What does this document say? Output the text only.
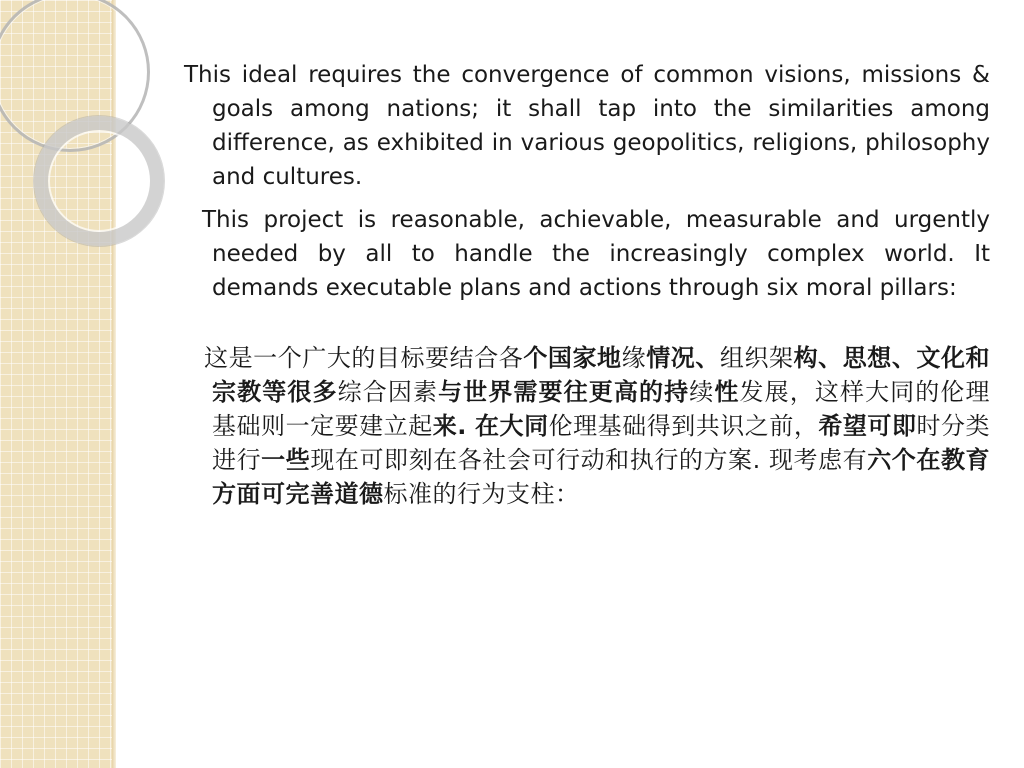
This ideal requires the convergence of common visions, missions & goals among nations; it shall tap into the similarities among difference, as exhibited in various geopolitics, religions, philosophy and cultures.

This project is reasonable, achievable, measurable and urgently needed by all to handle the increasingly complex world. It demands executable plans and actions through six moral pillars:

这是一个广大的目标要结合各个国家地缘情况、组织架构、思想、文化和宗教等很多综合因素与世界需要往更高的持续性发展，这样大同的伦理基础则一定要建立起来. 在大同伦理基础得到共识之前，希望可即时分类进行一些现在可即刻在各社会可行动和执行的方案. 现考虑有六个在教育方面可完善道德标准的行为支柱：
